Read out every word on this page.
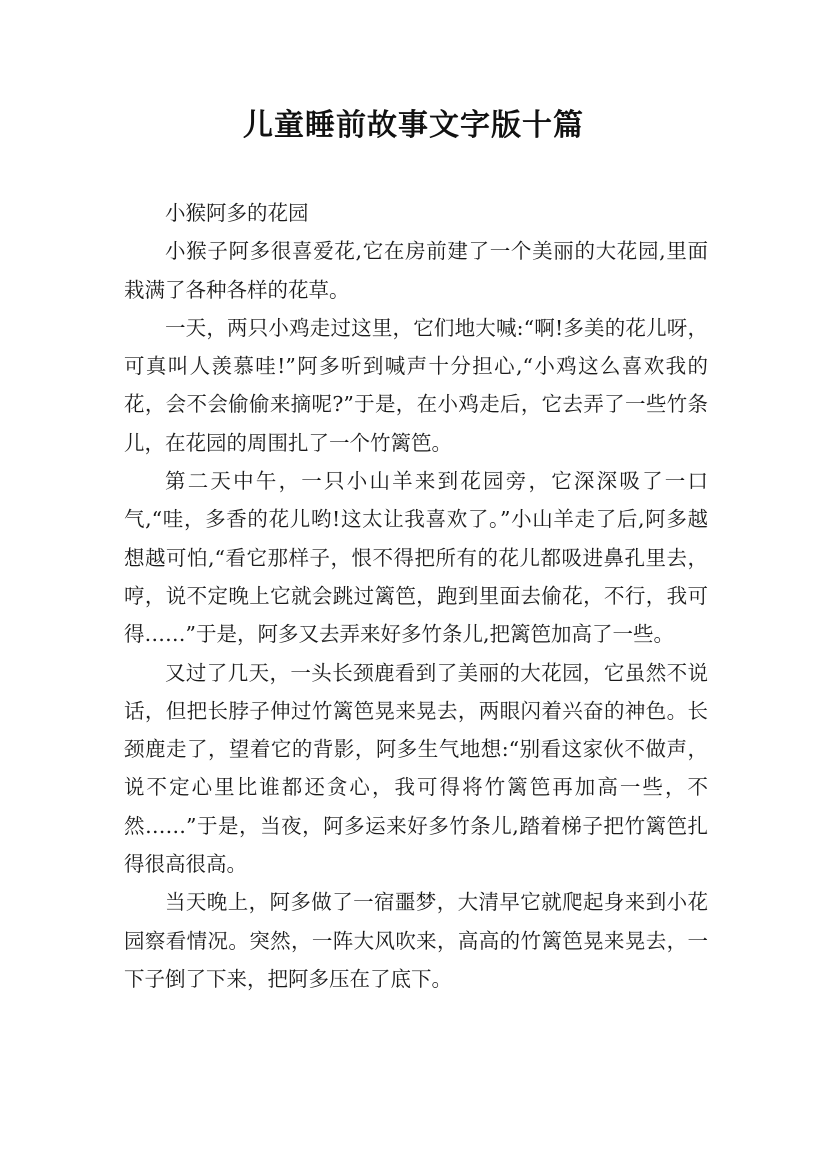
儿童睡前故事文字版十篇

小猴阿多的花园

小猴子阿多很喜爱花,它在房前建了一个美丽的大花园,里面栽满了各种各样的花草。

一天，两只小鸡走过这里，它们地大喊:“啊!多美的花儿呀，可真叫人羡慕哇!”阿多听到喊声十分担心,“小鸡这么喜欢我的花，会不会偷偷来摘呢?”于是，在小鸡走后，它去弄了一些竹条儿，在花园的周围扎了一个竹篱笆。

第二天中午，一只小山羊来到花园旁，它深深吸了一口气,“哇，多香的花儿哟!这太让我喜欢了。”小山羊走了后,阿多越想越可怕,“看它那样子，恨不得把所有的花儿都吸进鼻孔里去，哼，说不定晚上它就会跳过篱笆，跑到里面去偷花，不行，我可得……”于是，阿多又去弄来好多竹条儿,把篱笆加高了一些。

又过了几天，一头长颈鹿看到了美丽的大花园，它虽然不说话，但把长脖子伸过竹篱笆晃来晃去，两眼闪着兴奋的神色。长颈鹿走了，望着它的背影，阿多生气地想:“别看这家伙不做声，说不定心里比谁都还贪心，我可得将竹篱笆再加高一些，不然……”于是，当夜，阿多运来好多竹条儿,踏着梯子把竹篱笆扎得很高很高。

当天晚上，阿多做了一宿噩梦，大清早它就爬起身来到小花园察看情况。突然，一阵大风吹来，高高的竹篱笆晃来晃去，一下子倒了下来，把阿多压在了底下。
